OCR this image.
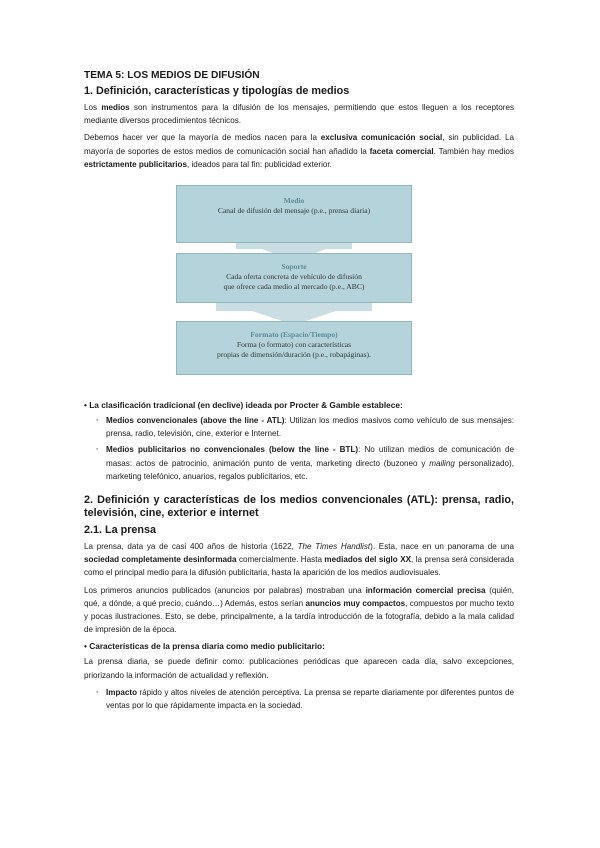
TEMA 5: LOS MEDIOS DE DIFUSIÓN
1. Definición, características y tipologías de medios

Los medios son instrumentos para la difusión de los mensajes, permitiendo que estos lleguen a los receptores mediante diversos procedimientos técnicos.

Debemos hacer ver que la mayoría de medios nacen para la exclusiva comunicación social, sin publicidad. La mayoría de soportes de estos medios de comunicación social han añadido la faceta comercial. También hay medios estrictamente publicitarios, ideados para tal fin: publicidad exterior.

Medio
Canal de difusión del mensaje (p.e., prensa diaria)
Soporte
Cada oferta concreta de vehículo de difusión
que ofrece cada medio al mercado (p.e., ABC)
Formato (Espacio/Tiempo)
Forma (o formato) con características
propias de dimensión/duración (p.e., robapáginas).
• La clasificación tradicional (en declive) ideada por Procter & Gamble establece:
▪ Medios convencionales (above the line - ATL): Utilizan los medios masivos como vehículo de sus mensajes: prensa, radio, televisión, cine, exterior e Internet.
▪ Medios publicitarios no convencionales (below the line - BTL): No utilizan medios de comunicación de masas: actos de patrocinio, animación punto de venta, marketing directo (buzoneo y mailing personalizado), marketing telefónico, anuarios, regalos publicitarios, etc.
2. Definición y características de los medios convencionales (ATL): prensa, radio, televisión, cine, exterior e internet
2.1. La prensa

La prensa, data ya de casi 400 años de historia (1622, The Times Handlist). Esta, nace en un panorama de una sociedad completamente desinformada comercialmente. Hasta mediados del siglo XX, la prensa será considerada como el principal medio para la difusión publicitaria, hasta la aparición de los medios audiovisuales.

Los primeros anuncios publicados (anuncios por palabras) mostraban una información comercial precisa (quién, qué, a dónde, a qué precio, cuándo…) Además, estos serían anuncios muy compactos, compuestos por mucho texto y pocas ilustraciones. Esto, se debe, principalmente, a la tardía introducción de la fotografía, debido a la mala calidad de impresión de la época.

• Características de la prensa diaria como medio publicitario:

La prensa diaria, se puede definir como: publicaciones periódicas que aparecen cada día, salvo excepciones, priorizando la información de actualidad y reflexión.

▪ Impacto rápido y altos niveles de atención perceptiva. La prensa se reparte diariamente por diferentes puntos de ventas por lo que rápidamente impacta en la sociedad.
